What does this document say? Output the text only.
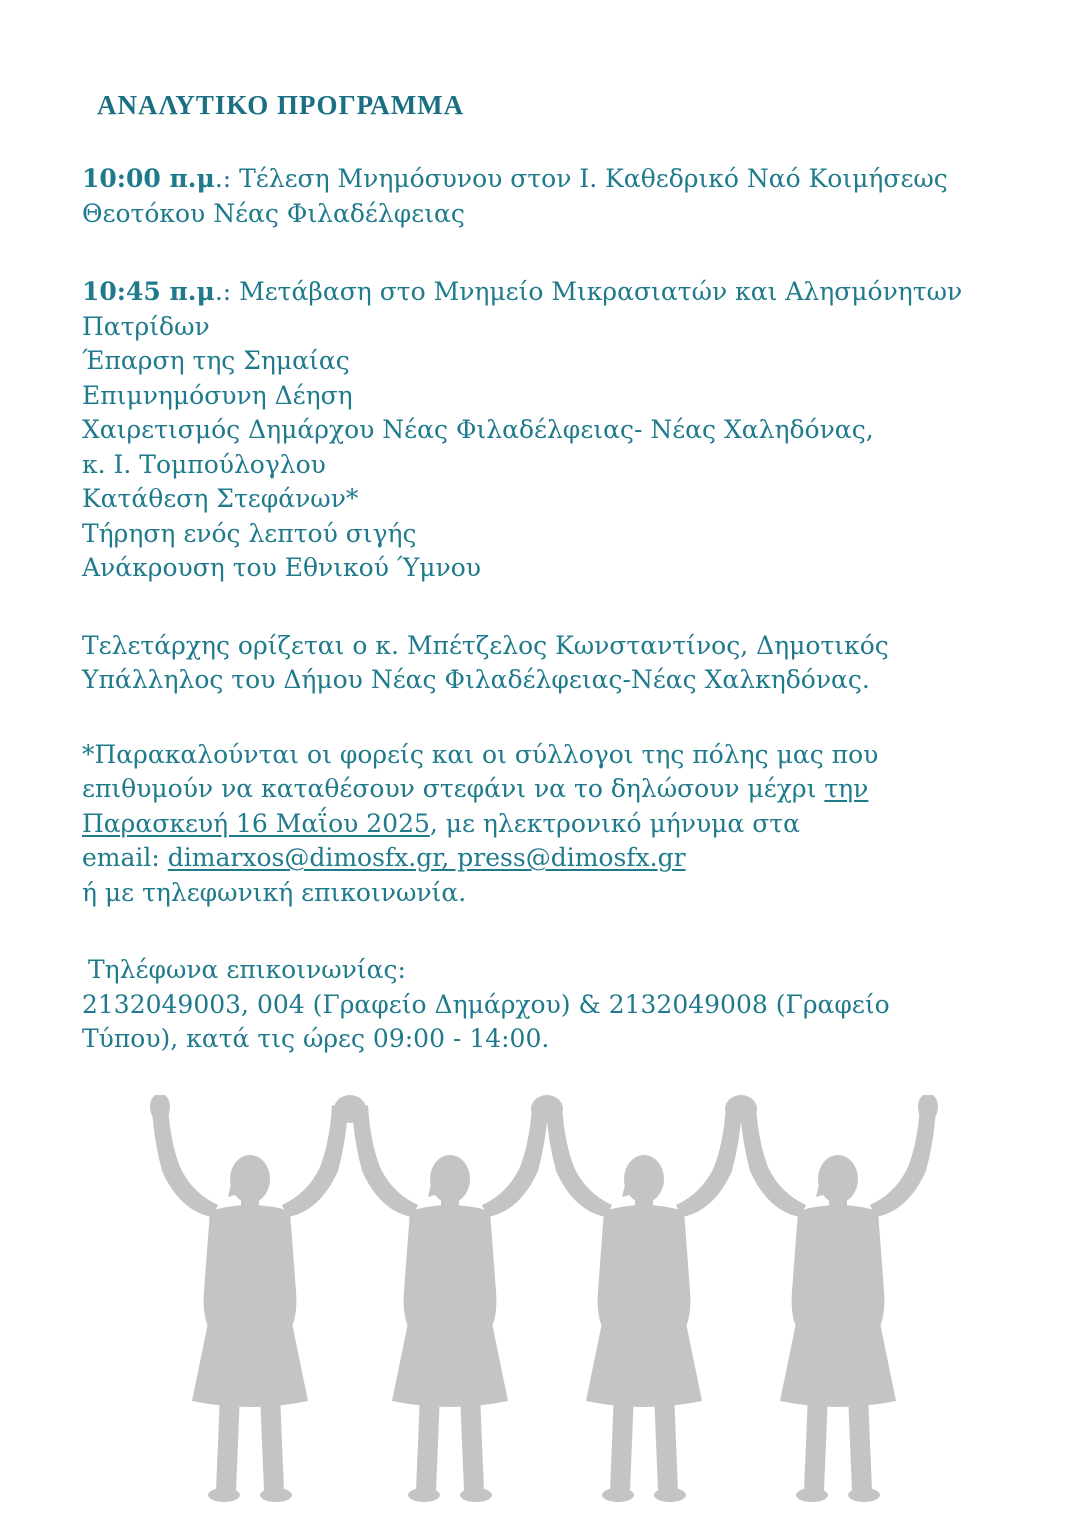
ΑΝΑΛΥΤΙΚΟ ΠΡΟΓΡΑΜΜΑ
10:00 π.μ.: Τέλεση Μνημόσυνου στον Ι. Καθεδρικό Ναό Κοιμήσεως
Θεοτόκου Νέας Φιλαδέλφειας
10:45 π.μ.: Μετάβαση στο Μνημείο Μικρασιατών και Αλησμόνητων
Πατρίδων
Έπαρση της Σημαίας
Επιμνημόσυνη Δέηση
Χαιρετισμός Δημάρχου Νέας Φιλαδέλφειας- Νέας Χαληδόνας,
κ. Ι. Τομπούλογλου
Κατάθεση Στεφάνων*
Τήρηση ενός λεπτού σιγής
Ανάκρουση του Εθνικού Ύμνου
Τελετάρχης ορίζεται ο κ. Μπέτζελος Κωνσταντίνος, Δημοτικός
Υπάλληλος του Δήμου Νέας Φιλαδέλφειας-Νέας Χαλκηδόνας.
*Παρακαλούνται οι φορείς και οι σύλλογοι της πόλης μας που
επιθυμούν να καταθέσουν στεφάνι να το δηλώσουν μέχρι την
Παρασκευή 16 Μαΐου 2025, με ηλεκτρονικό μήνυμα στα
email: dimarxos@dimosfx.gr, press@dimosfx.gr
ή με τηλεφωνική επικοινωνία.
Τηλέφωνα επικοινωνίας:
2132049003, 004 (Γραφείο Δημάρχου) & 2132049008 (Γραφείο
Τύπου), κατά τις ώρες 09:00 - 14:00.
